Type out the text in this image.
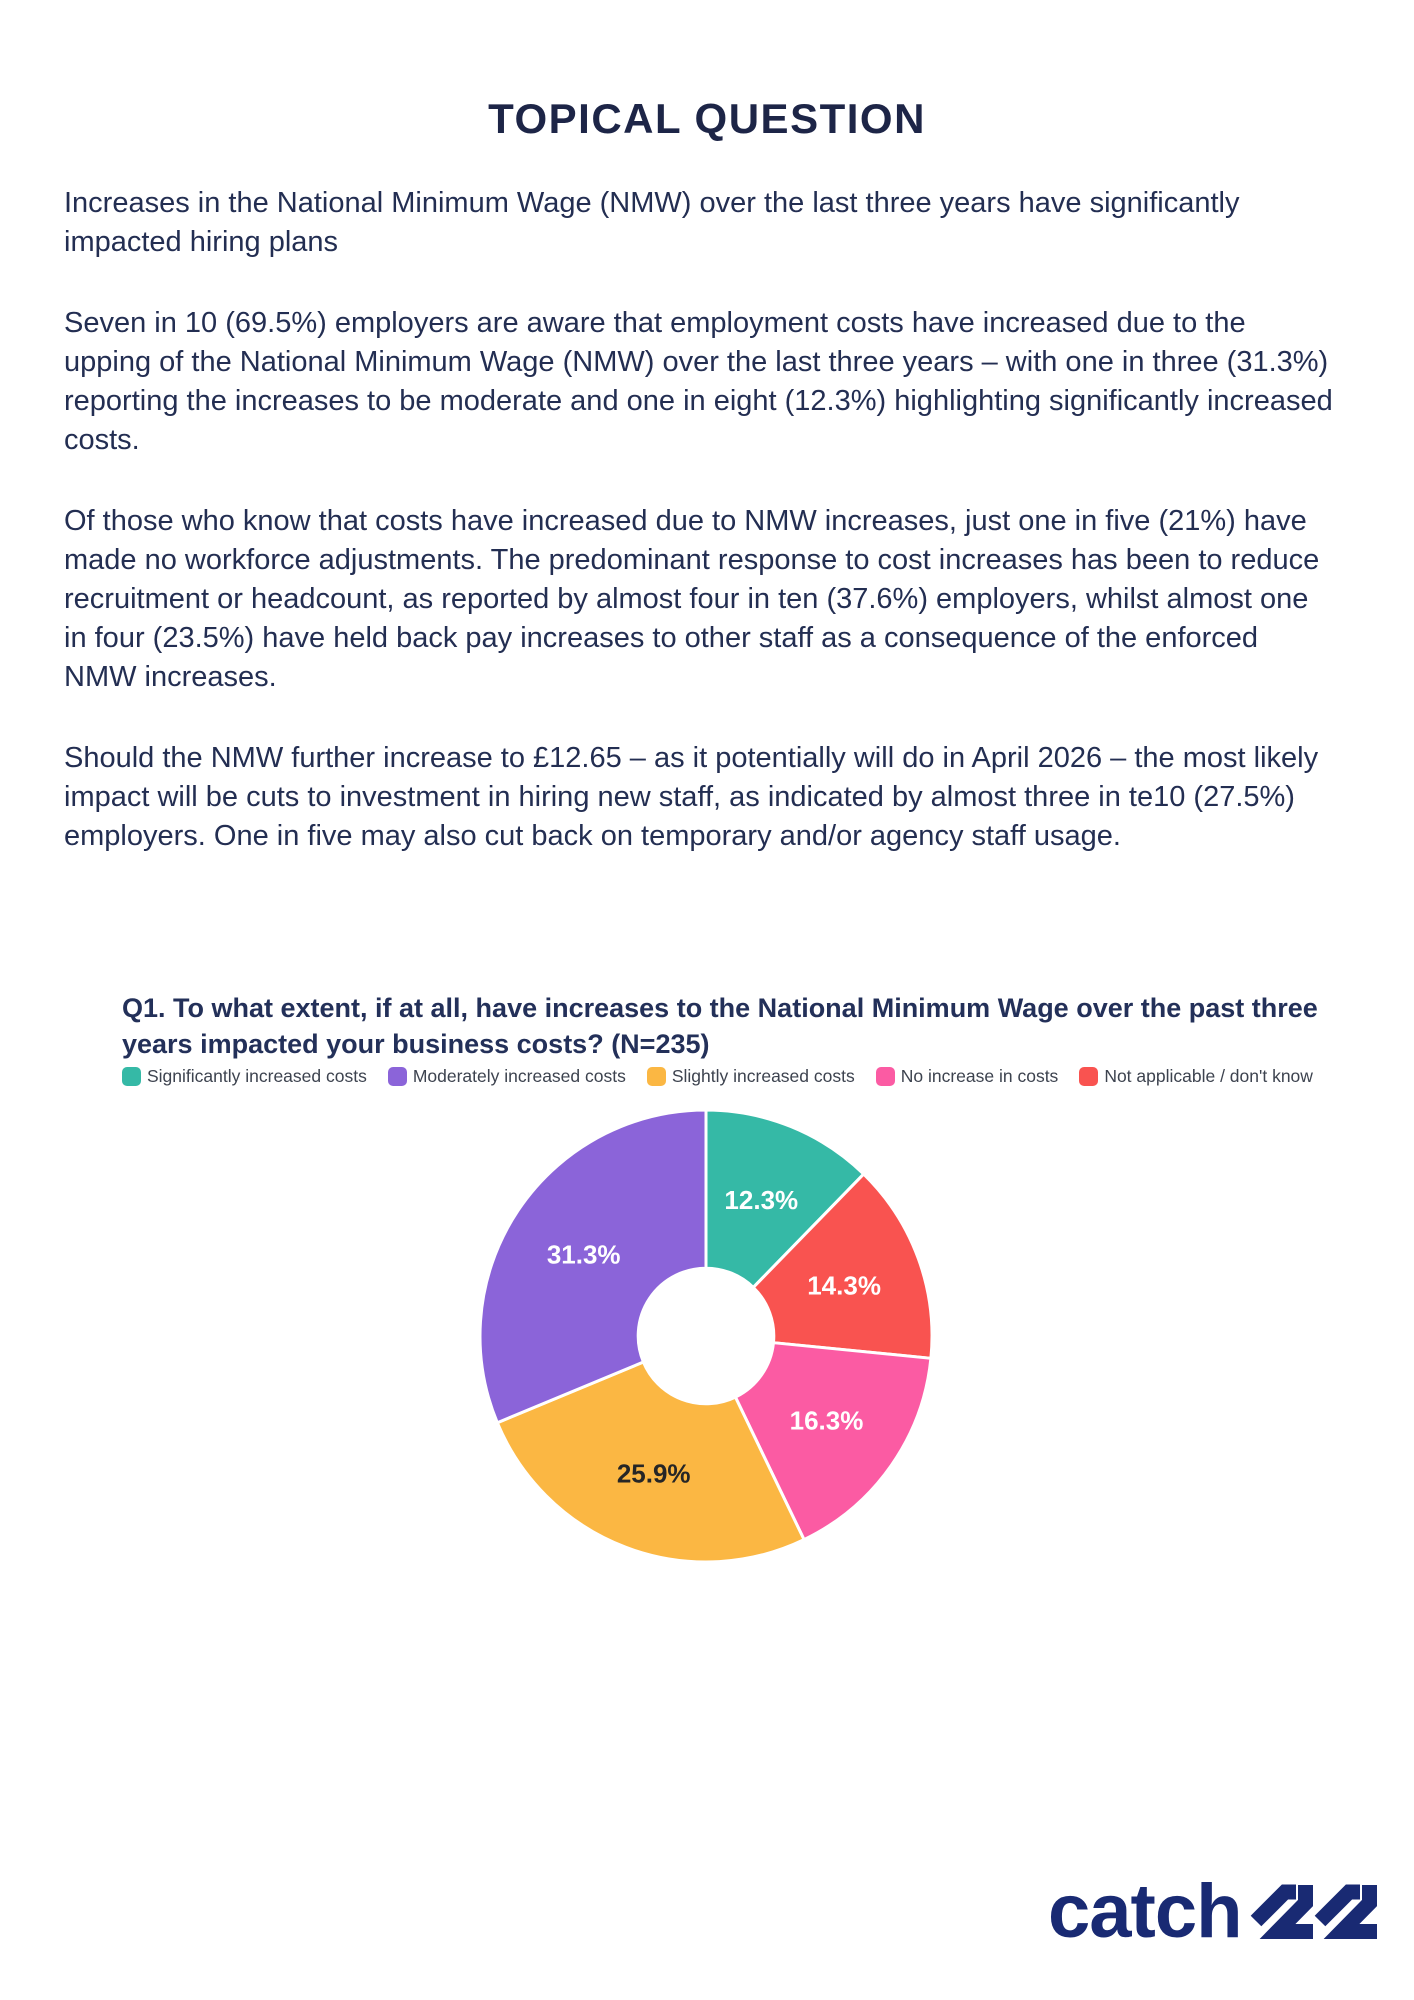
TOPICAL QUESTION

Increases in the National Minimum Wage (NMW) over the last three years have significantly impacted hiring plans

Seven in 10 (69.5%) employers are aware that employment costs have increased due to the upping of the National Minimum Wage (NMW) over the last three years – with one in three (31.3%) reporting the increases to be moderate and one in eight (12.3%) highlighting significantly increased costs.

Of those who know that costs have increased due to NMW increases, just one in five (21%) have made no workforce adjustments. The predominant response to cost increases has been to reduce recruitment or headcount, as reported by almost four in ten (37.6%) employers, whilst almost one in four (23.5%) have held back pay increases to other staff as a consequence of the enforced NMW increases.

Should the NMW further increase to £12.65 – as it potentially will do in April 2026 – the most likely impact will be cuts to investment in hiring new staff, as indicated by almost three in te10 (27.5%) employers. One in five may also cut back on temporary and/or agency staff usage.

Q1. To what extent, if at all, have increases to the National Minimum Wage over the past three years impacted your business costs? (N=235)
Significantly increased costs	Moderately increased costs	Slightly increased costs	No increase in costs	Not applicable / don't know
12.3%
14.3%
16.3%
25.9%
31.3%
catch
